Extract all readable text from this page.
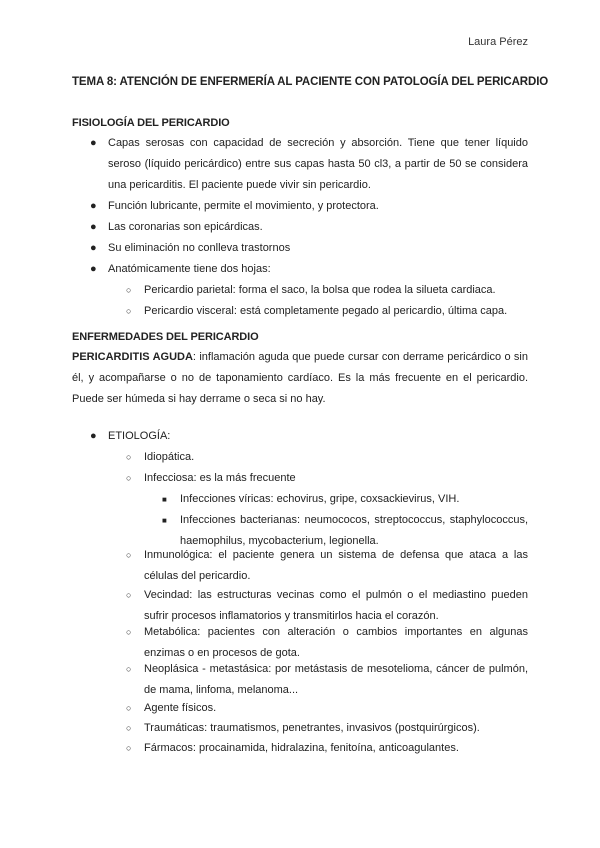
Laura Pérez
TEMA 8: ATENCIÓN DE ENFERMERÍA AL PACIENTE CON PATOLOGÍA DEL PERICARDIO
FISIOLOGÍA DEL PERICARDIO
● Capas serosas con capacidad de secreción y absorción. Tiene que tener líquido seroso (líquido pericárdico) entre sus capas hasta 50 cl3, a partir de 50 se considera una pericarditis. El paciente puede vivir sin pericardio.
● Función lubricante, permite el movimiento, y protectora.
● Las coronarias son epicárdicas.
● Su eliminación no conlleva trastornos
● Anatómicamente tiene dos hojas:
○ Pericardio parietal: forma el saco, la bolsa que rodea la silueta cardiaca.
○ Pericardio visceral: está completamente pegado al pericardio, última capa.
ENFERMEDADES DEL PERICARDIO
PERICARDITIS AGUDA: inflamación aguda que puede cursar con derrame pericárdico o sin él, y acompañarse o no de taponamiento cardíaco. Es la más frecuente en el pericardio. Puede ser húmeda si hay derrame o seca si no hay.
● ETIOLOGÍA:
○ Idiopática.
○ Infecciosa: es la más frecuente
■ Infecciones víricas: echovirus, gripe, coxsackievirus, VIH.
■ Infecciones bacterianas: neumococos, streptococcus, staphylococcus, haemophilus, mycobacterium, legionella.
○ Inmunológica: el paciente genera un sistema de defensa que ataca a las células del pericardio.
○ Vecindad: las estructuras vecinas como el pulmón o el mediastino pueden sufrir procesos inflamatorios y transmitirlos hacia el corazón.
○ Metabólica: pacientes con alteración o cambios importantes en algunas enzimas o en procesos de gota.
○ Neoplásica - metastásica: por metástasis de mesotelioma, cáncer de pulmón, de mama, linfoma, melanoma...
○ Agente físicos.
○ Traumáticas: traumatismos, penetrantes, invasivos (postquirúrgicos).
○ Fármacos: procainamida, hidralazina, fenitoína, anticoagulantes.
